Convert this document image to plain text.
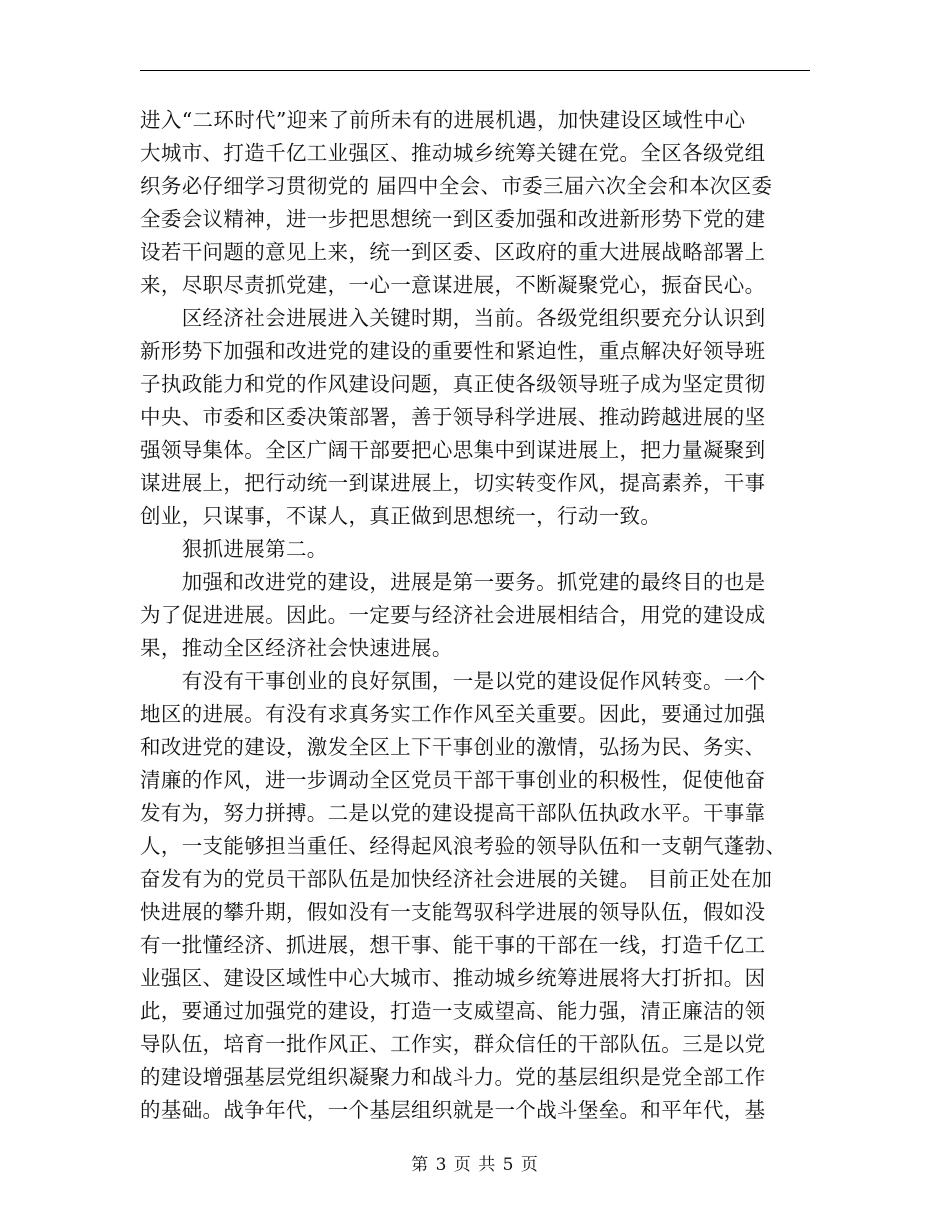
进入“二环时代”迎来了前所未有的进展机遇，加快建设区域性中心
大城市、打造千亿工业强区、推动城乡统筹关键在党。全区各级党组
织务必仔细学习贯彻党的 届四中全会、市委三届六次全会和本次区委
全委会议精神，进一步把思想统一到区委加强和改进新形势下党的建
设若干问题的意见上来，统一到区委、区政府的重大进展战略部署上
来，尽职尽责抓党建，一心一意谋进展，不断凝聚党心，振奋民心。
　　区经济社会进展进入关键时期，当前。各级党组织要充分认识到
新形势下加强和改进党的建设的重要性和紧迫性，重点解决好领导班
子执政能力和党的作风建设问题，真正使各级领导班子成为坚定贯彻
中央、市委和区委决策部署，善于领导科学进展、推动跨越进展的坚
强领导集体。全区广阔干部要把心思集中到谋进展上，把力量凝聚到
谋进展上，把行动统一到谋进展上，切实转变作风，提高素养，干事
创业，只谋事，不谋人，真正做到思想统一，行动一致。
　　狠抓进展第二。
　　加强和改进党的建设，进展是第一要务。抓党建的最终目的也是
为了促进进展。因此。一定要与经济社会进展相结合，用党的建设成
果，推动全区经济社会快速进展。
　　有没有干事创业的良好氛围，一是以党的建设促作风转变。一个
地区的进展。有没有求真务实工作作风至关重要。因此，要通过加强
和改进党的建设，激发全区上下干事创业的激情，弘扬为民、务实、
清廉的作风，进一步调动全区党员干部干事创业的积极性，促使他奋
发有为，努力拼搏。二是以党的建设提高干部队伍执政水平。干事靠
人，一支能够担当重任、经得起风浪考验的领导队伍和一支朝气蓬勃、
奋发有为的党员干部队伍是加快经济社会进展的关键。 目前正处在加
快进展的攀升期，假如没有一支能驾驭科学进展的领导队伍，假如没
有一批懂经济、抓进展，想干事、能干事的干部在一线，打造千亿工
业强区、建设区域性中心大城市、推动城乡统筹进展将大打折扣。因
此，要通过加强党的建设，打造一支威望高、能力强，清正廉洁的领
导队伍，培育一批作风正、工作实，群众信任的干部队伍。三是以党
的建设增强基层党组织凝聚力和战斗力。党的基层组织是党全部工作
的基础。战争年代，一个基层组织就是一个战斗堡垒。和平年代，基
第 3 页 共 5 页
